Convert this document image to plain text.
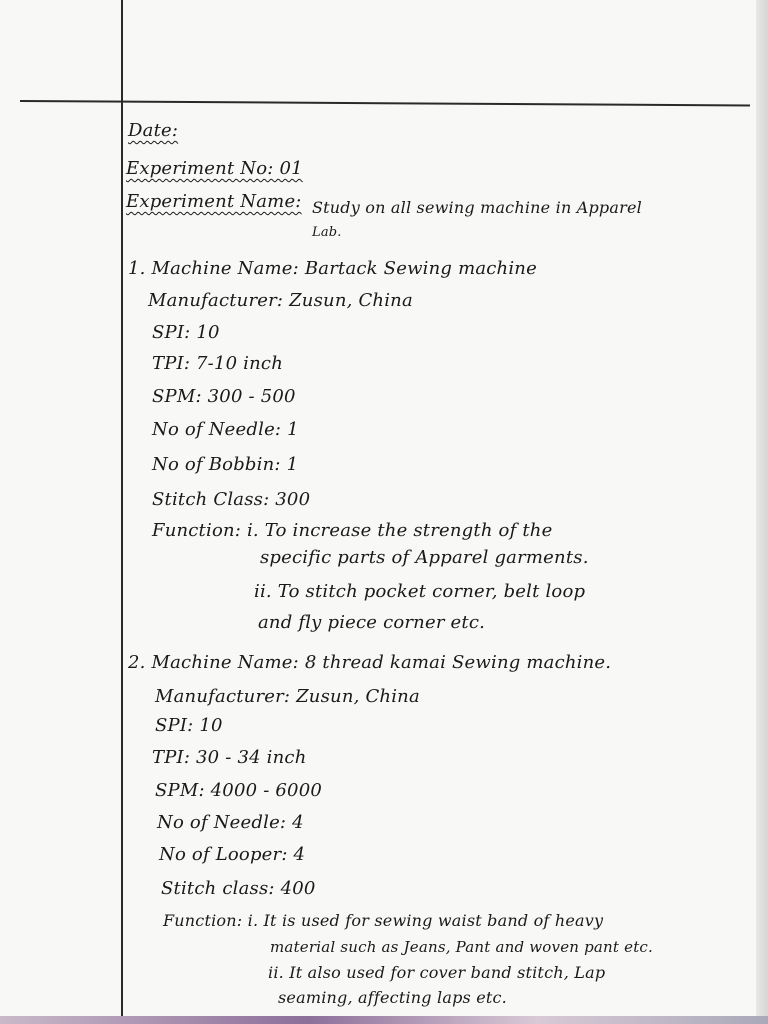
Date:
Experiment No: 01
Experiment Name: Study on all sewing machine in Apparel
Lab.
1. Machine Name: Bartack Sewing machine
Manufacturer: Zusun, China
SPI: 10
TPI: 7-10 inch
SPM: 300 - 500
No of Needle: 1
No of Bobbin: 1
Stitch Class: 300
Function: i. To increase the strength of the
specific parts of Apparel garments.
ii. To stitch pocket corner, belt loop
and fly piece corner etc.
2. Machine Name: 8 thread kamai Sewing machine.
Manufacturer: Zusun, China
SPI: 10
TPI: 30 - 34 inch
SPM: 4000 - 6000
No of Needle: 4
No of Looper: 4
Stitch class: 400
Function: i. It is used for sewing waist band of heavy
material such as Jeans, Pant and woven pant etc.
ii. It also used for cover band stitch, Lap
seaming, affecting laps etc.
